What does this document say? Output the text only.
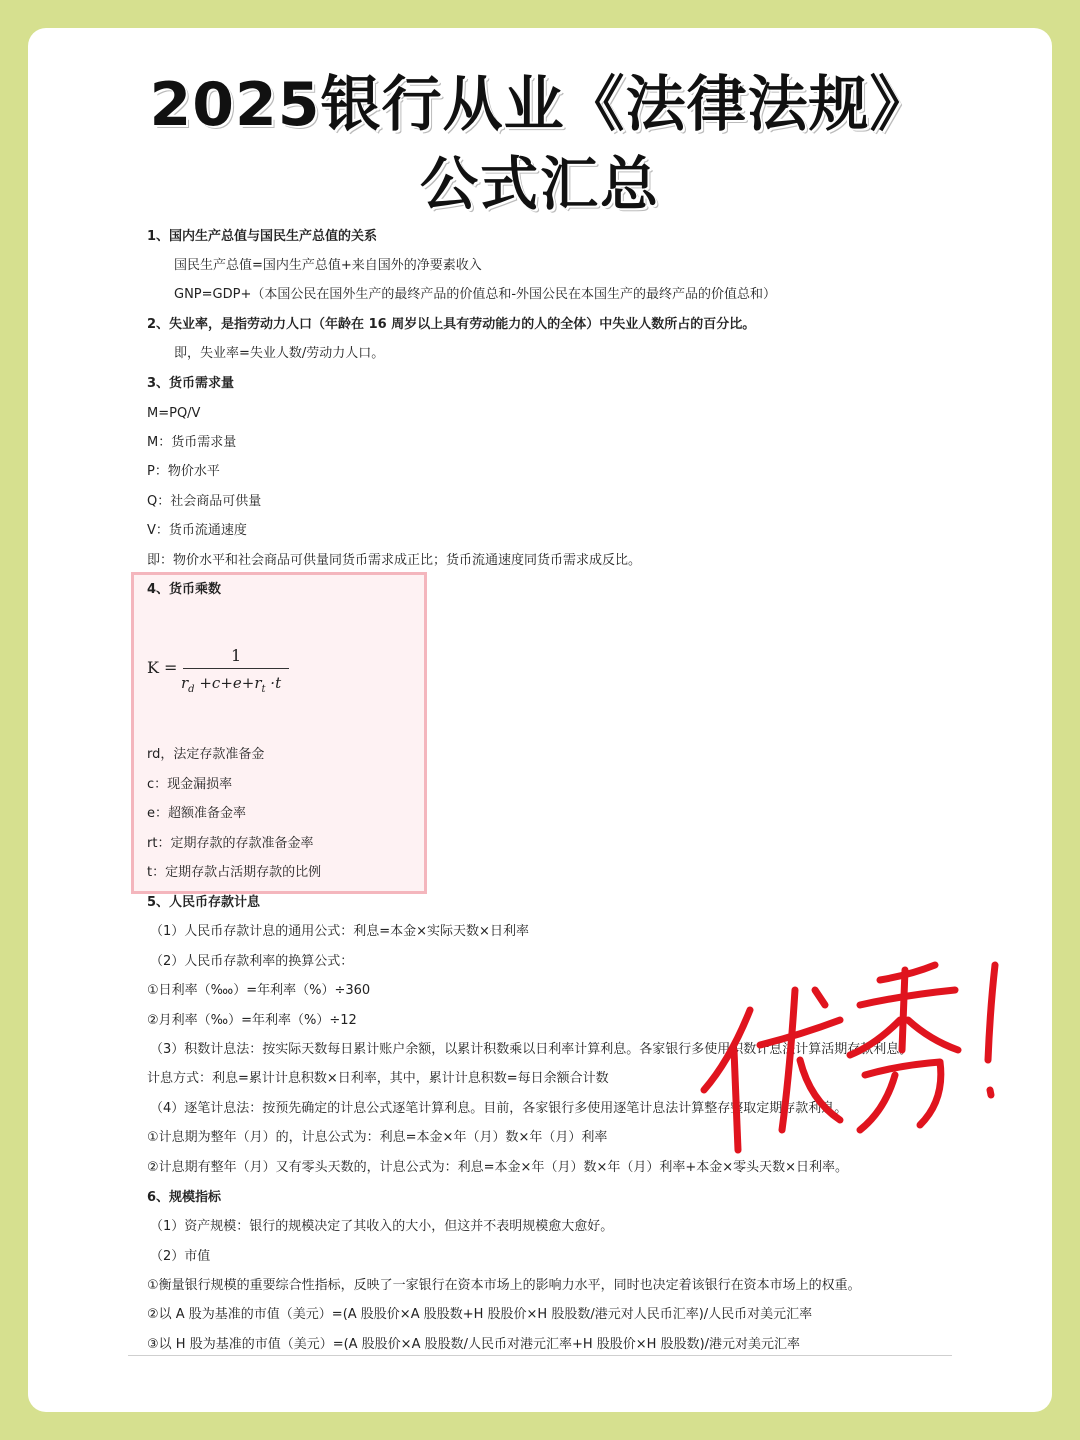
2025银行从业《法律法规》
公式汇总
1、国内生产总值与国民生产总值的关系
国民生产总值=国内生产总值+来自国外的净要素收入
GNP=GDP+（本国公民在国外生产的最终产品的价值总和-外国公民在本国生产的最终产品的价值总和）
2、失业率，是指劳动力人口（年龄在 16 周岁以上具有劳动能力的人的全体）中失业人数所占的百分比。
即，失业率=失业人数/劳动力人口。
3、货币需求量
M=PQ/V
M：货币需求量
P：物价水平
Q：社会商品可供量
V：货币流通速度
即：物价水平和社会商品可供量同货币需求成正比；货币流通速度同货币需求成反比。
4、货币乘数
K =
1
$r_d +c+e+r_t \cdot t$
rd，法定存款准备金
c：现金漏损率
e：超额准备金率
rt：定期存款的存款准备金率
t：定期存款占活期存款的比例
5、人民币存款计息
（1）人民币存款计息的通用公式：利息=本金×实际天数×日利率
（2）人民币存款利率的换算公式：
①日利率（‱）=年利率（%）÷360
②月利率（‰）=年利率（%）÷12
（3）积数计息法：按实际天数每日累计账户余额，以累计积数乘以日利率计算利息。各家银行多使用积数计息法计算活期存款利息。
计息方式：利息=累计计息积数×日利率，其中，累计计息积数=每日余额合计数
（4）逐笔计息法：按预先确定的计息公式逐笔计算利息。目前，各家银行多使用逐笔计息法计算整存整取定期存款利息。
①计息期为整年（月）的，计息公式为：利息=本金×年（月）数×年（月）利率
②计息期有整年（月）又有零头天数的，计息公式为：利息=本金×年（月）数×年（月）利率+本金×零头天数×日利率。
6、规模指标
（1）资产规模：银行的规模决定了其收入的大小，但这并不表明规模愈大愈好。
（2）市值
①衡量银行规模的重要综合性指标，反映了一家银行在资本市场上的影响力水平，同时也决定着该银行在资本市场上的权重。
②以 A 股为基准的市值（美元）=(A 股股价×A 股股数+H 股股价×H 股股数/港元对人民币汇率)/人民币对美元汇率
③以 H 股为基准的市值（美元）=(A 股股价×A 股股数/人民币对港元汇率+H 股股价×H 股股数)/港元对美元汇率
